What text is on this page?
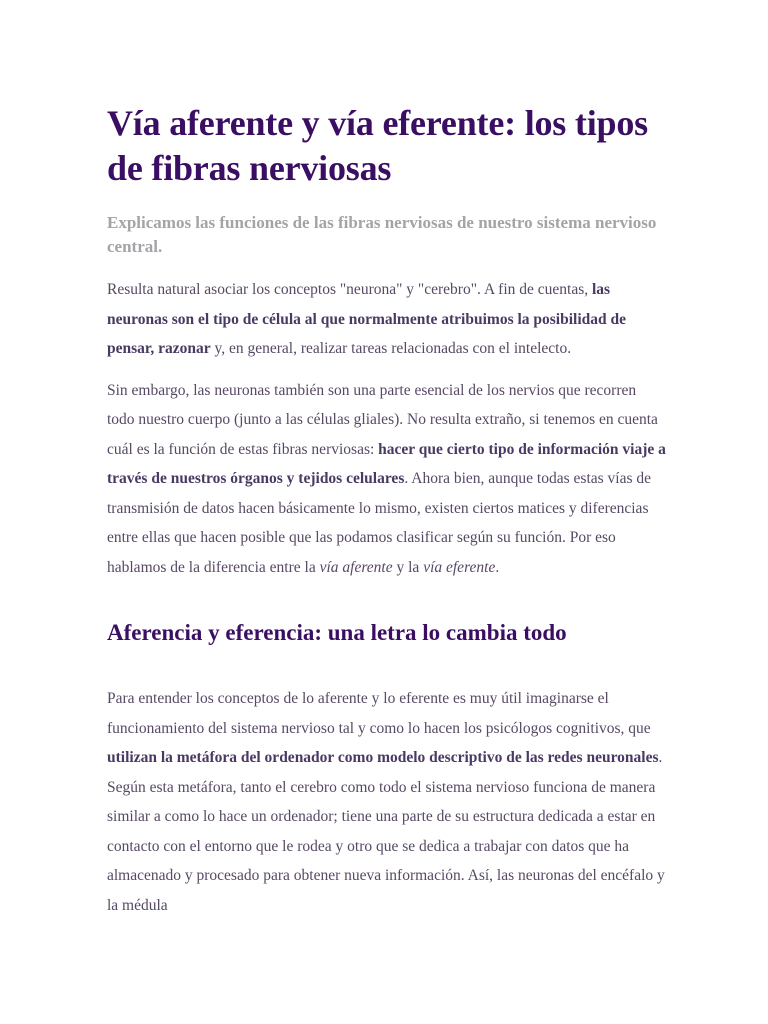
Vía aferente y vía eferente: los tipos de fibras nerviosas

Explicamos las funciones de las fibras nerviosas de nuestro sistema nervioso central.

Resulta natural asociar los conceptos "neurona" y "cerebro". A fin de cuentas, las neuronas son el tipo de célula al que normalmente atribuimos la posibilidad de pensar, razonar y, en general, realizar tareas relacionadas con el intelecto.

Sin embargo, las neuronas también son una parte esencial de los nervios que recorren todo nuestro cuerpo (junto a las células gliales). No resulta extraño, si tenemos en cuenta cuál es la función de estas fibras nerviosas: hacer que cierto tipo de información viaje a través de nuestros órganos y tejidos celulares. Ahora bien, aunque todas estas vías de transmisión de datos hacen básicamente lo mismo, existen ciertos matices y diferencias entre ellas que hacen posible que las podamos clasificar según su función. Por eso hablamos de la diferencia entre la vía aferente y la vía eferente.

Aferencia y eferencia: una letra lo cambia todo

Para entender los conceptos de lo aferente y lo eferente es muy útil imaginarse el funcionamiento del sistema nervioso tal y como lo hacen los psicólogos cognitivos, que utilizan la metáfora del ordenador como modelo descriptivo de las redes neuronales. Según esta metáfora, tanto el cerebro como todo el sistema nervioso funciona de manera similar a como lo hace un ordenador; tiene una parte de su estructura dedicada a estar en contacto con el entorno que le rodea y otro que se dedica a trabajar con datos que ha almacenado y procesado para obtener nueva información. Así, las neuronas del encéfalo y la médula
